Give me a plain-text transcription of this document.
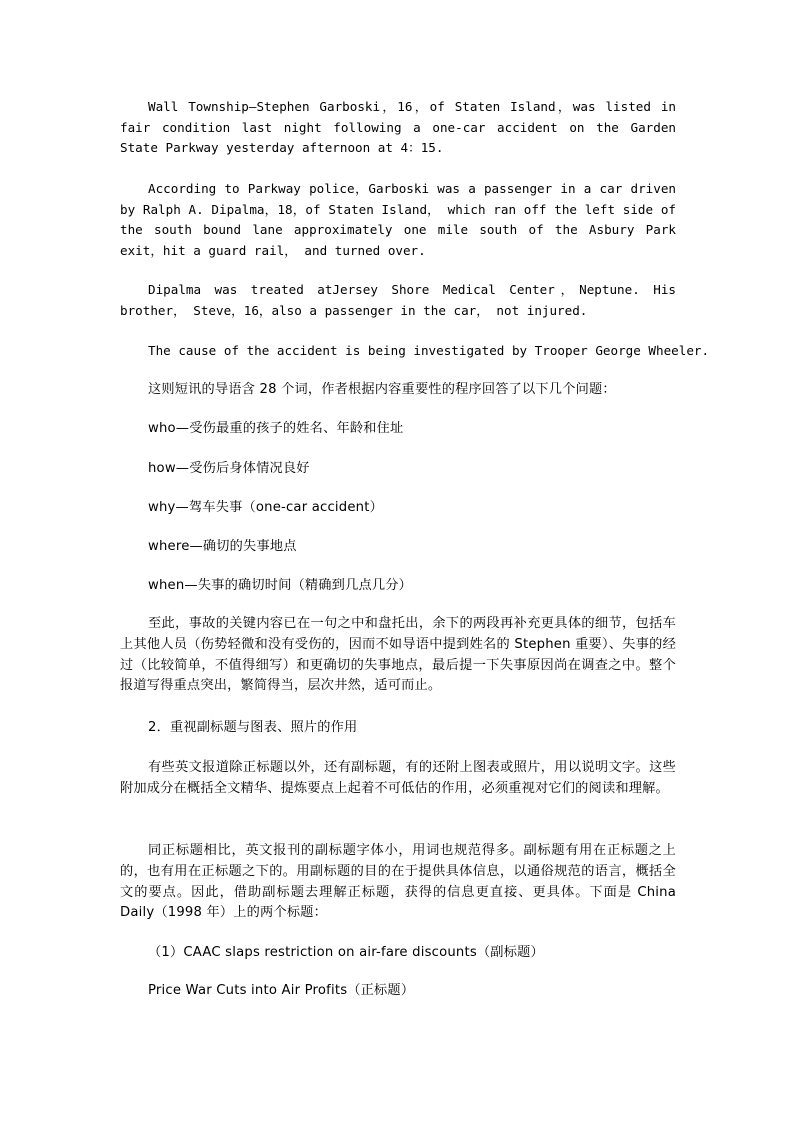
Wall Township—Stephen Garboski，16，of Staten Island，was listed in fair condition last night following a one-car accident on the Garden State Parkway yesterday afternoon at 4：15.

According to Parkway police，Garboski was a passenger in a car driven by Ralph A. Dipalma，18，of Staten Island， which ran off the left side of the south bound lane approximately one mile south of the Asbury Park exit，hit a guard rail， and turned over.

Dipalma was treated atJersey Shore Medical Center，Neptune. His brother， Steve，16，also a passenger in the car， not injured.

The cause of the accident is being investigated by Trooper George Wheeler.

这则短讯的导语含 28 个词，作者根据内容重要性的程序回答了以下几个问题：

who—受伤最重的孩子的姓名、年龄和住址

how—受伤后身体情况良好

why—驾车失事（one-car accident）

where—确切的失事地点

when—失事的确切时间（精确到几点几分）

至此，事故的关键内容已在一句之中和盘托出，余下的两段再补充更具体的细节，包括车上其他人员（伤势轻微和没有受伤的，因而不如导语中提到姓名的 Stephen 重要）、失事的经过（比较简单，不值得细写）和更确切的失事地点，最后提一下失事原因尚在调查之中。整个报道写得重点突出，繁简得当，层次井然，适可而止。

2．重视副标题与图表、照片的作用

有些英文报道除正标题以外，还有副标题，有的还附上图表或照片，用以说明文字。这些附加成分在概括全文精华、提炼要点上起着不可低估的作用，必须重视对它们的阅读和理解。

同正标题相比，英文报刊的副标题字体小，用词也规范得多。副标题有用在正标题之上的，也有用在正标题之下的。用副标题的目的在于提供具体信息，以通俗规范的语言，概括全文的要点。因此，借助副标题去理解正标题，获得的信息更直接、更具体。下面是 China Daily（1998 年）上的两个标题：

（1）CAAC slaps restriction on air-fare discounts（副标题）

Price War Cuts into Air Profits（正标题）
